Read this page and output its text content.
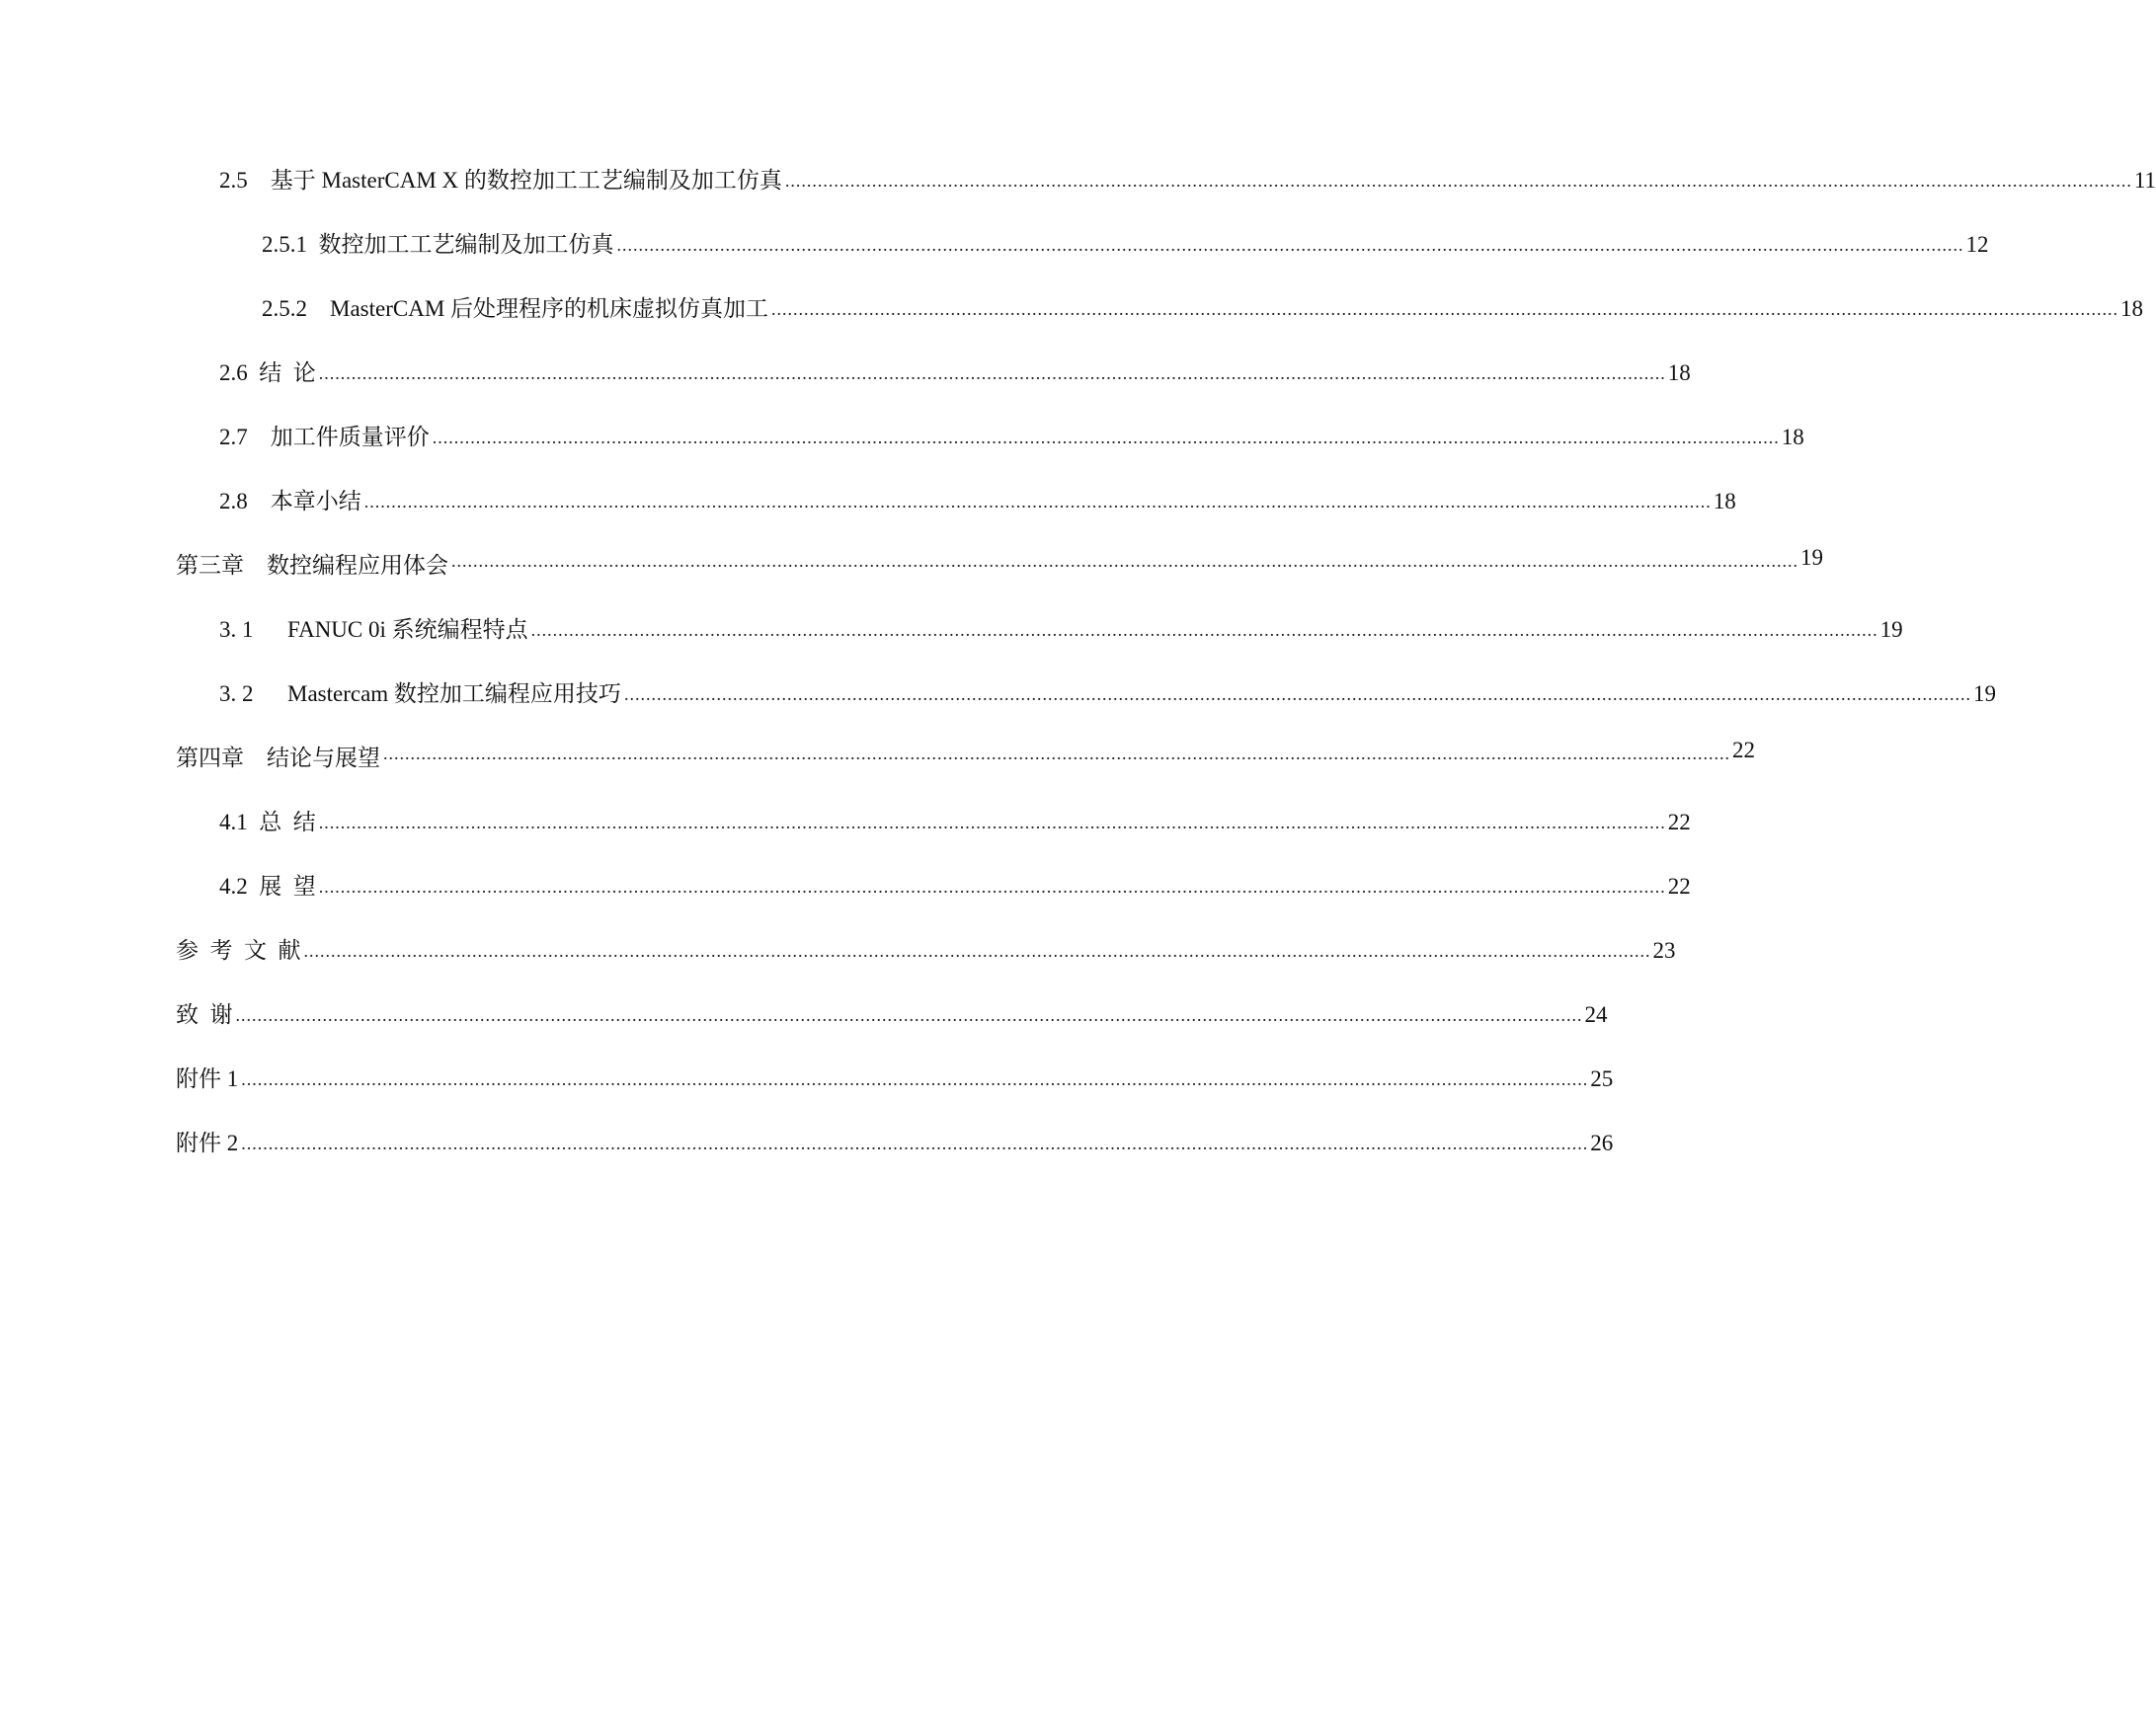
2.5    基于 MasterCAM X 的数控加工工艺编制及加工仿真 ........................................................................................................................................................................................................................................................ 11
2.5.1  数控加工工艺编制及加工仿真 ........................................................................................................................................................................................................................................................ 12
2.5.2    MasterCAM 后处理程序的机床虚拟仿真加工 ........................................................................................................................................................................................................................................................ 18
2.6  结  论 ........................................................................................................................................................................................................................................................ 18
2.7    加工件质量评价 ........................................................................................................................................................................................................................................................ 18
2.8    本章小结 ........................................................................................................................................................................................................................................................ 18
第三章    数控编程应用体会 ........................................................................................................................................................................................................................................................ 19
3. 1      FANUC 0i 系统编程特点 ........................................................................................................................................................................................................................................................ 19
3. 2      Mastercam 数控加工编程应用技巧 ........................................................................................................................................................................................................................................................ 19
第四章    结论与展望 ........................................................................................................................................................................................................................................................ 22
4.1  总  结 ........................................................................................................................................................................................................................................................ 22
4.2  展  望 ........................................................................................................................................................................................................................................................ 22
参  考  文  献 ........................................................................................................................................................................................................................................................ 23
致  谢 ........................................................................................................................................................................................................................................................ 24
附件 1 ........................................................................................................................................................................................................................................................ 25
附件 2 ........................................................................................................................................................................................................................................................ 26
